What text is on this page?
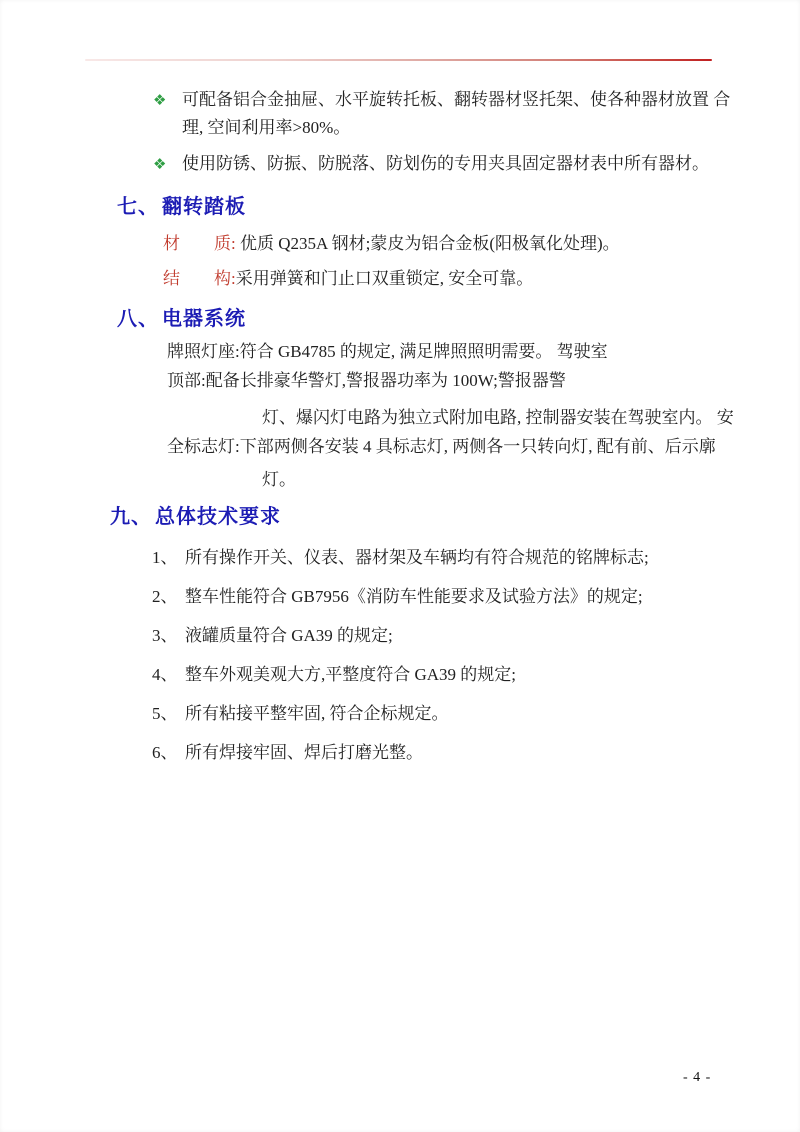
❖ 可配备铝合金抽屉、水平旋转托板、翻转器材竖托架、使各种器材放置 合
理, 空间利用率>80%。
❖ 使用防锈、防振、防脱落、防划伤的专用夹具固定器材表中所有器材。
七、 翻转踏板
材　　质: 优质 Q235A 钢材;蒙皮为铝合金板(阳极氧化处理)。
结　　构: 采用弹簧和门止口双重锁定, 安全可靠。
八、 电器系统
牌照灯座:符合 GB4785 的规定, 满足牌照照明需要。 驾驶室
顶部:配备长排豪华警灯,警报器功率为 100W;警报器警
灯、爆闪灯电路为独立式附加电路, 控制器安装在驾驶室内。 安
全标志灯:下部两侧各安装 4 具标志灯, 两侧各一只转向灯, 配有前、后示廓
灯。
九、 总体技术要求
1、 所有操作开关、仪表、器材架及车辆均有符合规范的铭牌标志;
2、 整车性能符合 GB7956《消防车性能要求及试验方法》的规定;
3、 液罐质量符合 GA39 的规定;
4、 整车外观美观大方,平整度符合 GA39 的规定;
5、 所有粘接平整牢固, 符合企标规定。
6、 所有焊接牢固、焊后打磨光整。
- 4 -
